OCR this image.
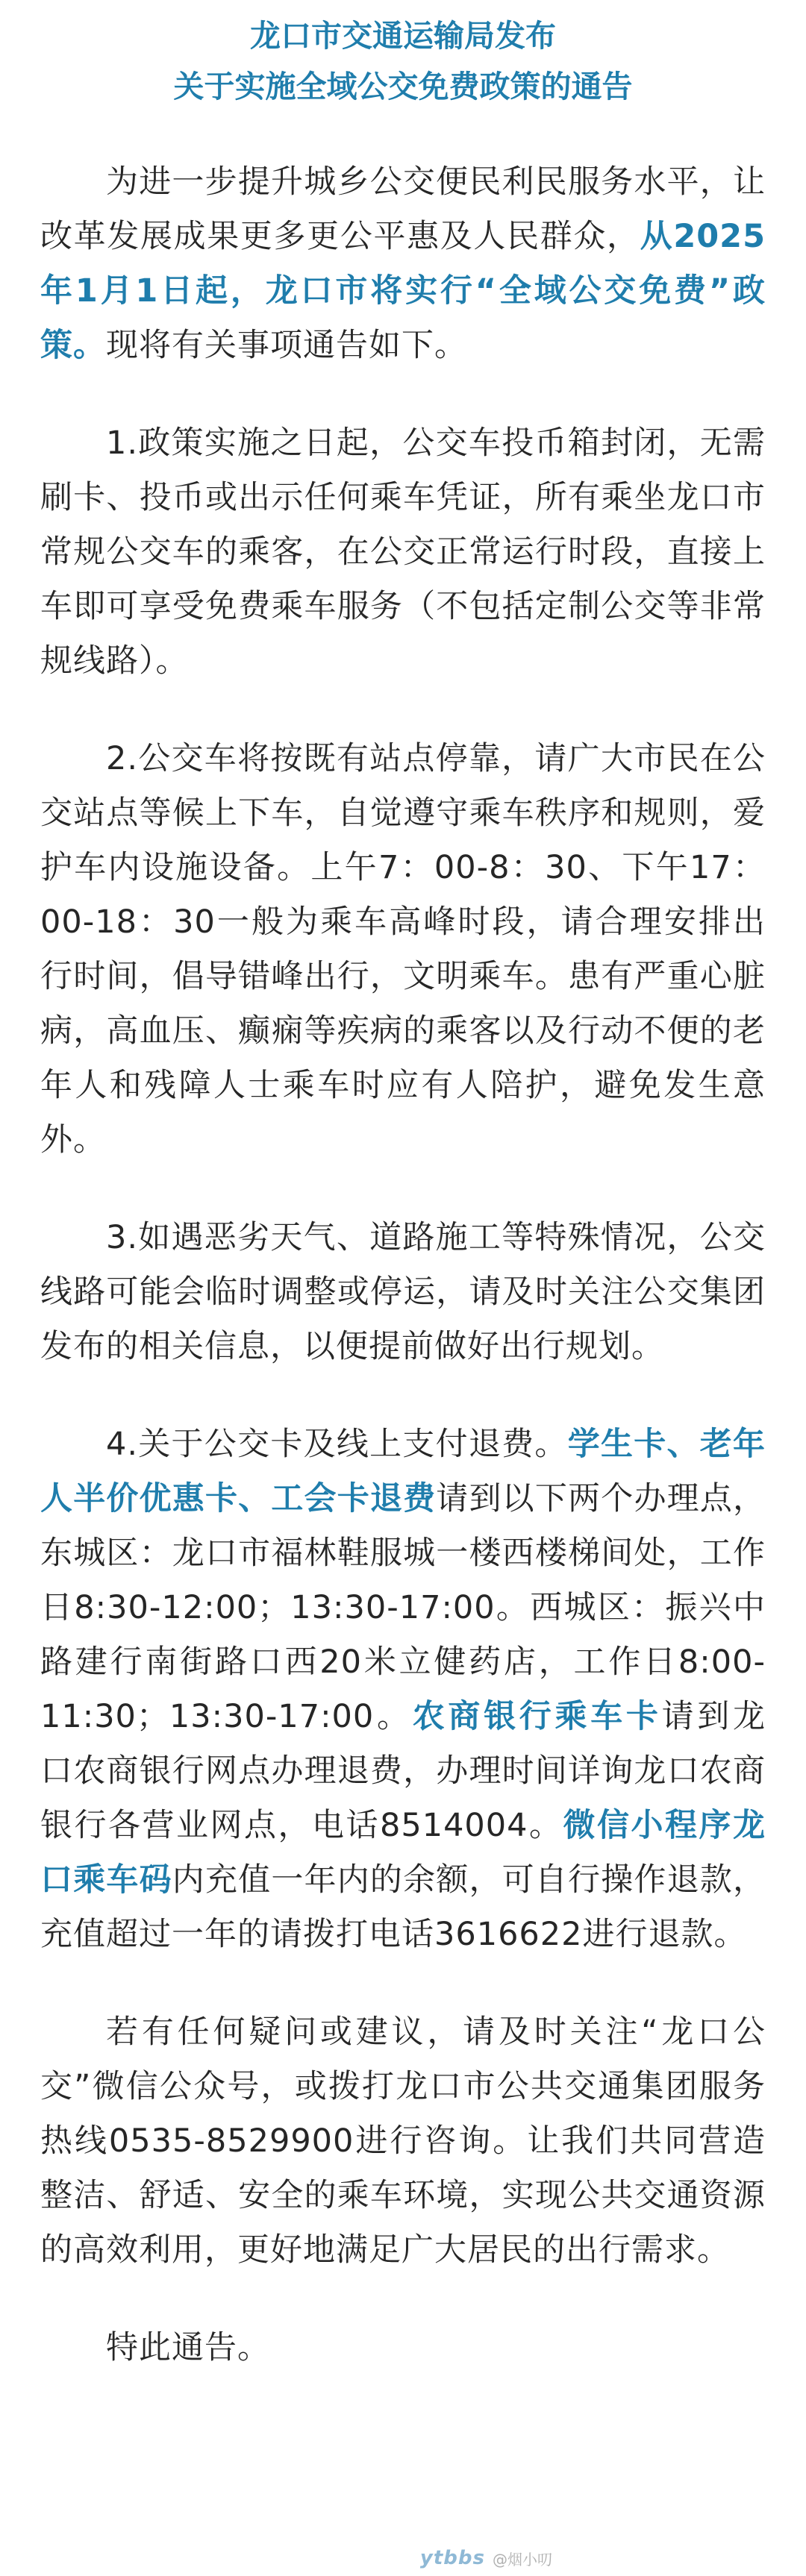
龙口市交通运输局发布
关于实施全域公交免费政策的通告

为进一步提升城乡公交便民利民服务水平，让改革发展成果更多更公平惠及人民群众，从2025年1月1日起，龙口市将实行“全域公交免费”政策。现将有关事项通告如下。

1.政策实施之日起，公交车投币箱封闭，无需刷卡、投币或出示任何乘车凭证，所有乘坐龙口市常规公交车的乘客，在公交正常运行时段，直接上车即可享受免费乘车服务（不包括定制公交等非常规线路）。

2.公交车将按既有站点停靠，请广大市民在公交站点等候上下车，自觉遵守乘车秩序和规则，爱护车内设施设备。上午7：00-8：30、下午17：00-18：30一般为乘车高峰时段，请合理安排出行时间，倡导错峰出行，文明乘车。患有严重心脏病，高血压、癫痫等疾病的乘客以及行动不便的老年人和残障人士乘车时应有人陪护，避免发生意外。

3.如遇恶劣天气、道路施工等特殊情况，公交线路可能会临时调整或停运，请及时关注公交集团发布的相关信息，以便提前做好出行规划。

4.关于公交卡及线上支付退费。学生卡、老年人半价优惠卡、工会卡退费请到以下两个办理点，东城区：龙口市福林鞋服城一楼西楼梯间处，工作日8:30-12:00；13:30-17:00。西城区：振兴中路建行南街路口西20米立健药店，工作日8:00-11:30；13:30-17:00。农商银行乘车卡请到龙口农商银行网点办理退费，办理时间详询龙口农商银行各营业网点，电话8514004。微信小程序龙口乘车码内充值一年内的余额，可自行操作退款，充值超过一年的请拨打电话3616622进行退款。

若有任何疑问或建议，请及时关注“龙口公交”微信公众号，或拨打龙口市公共交通集团服务热线0535-8529900进行咨询。让我们共同营造整洁、舒适、安全的乘车环境，实现公共交通资源的高效利用，更好地满足广大居民的出行需求。

特此通告。

ytbbs @烟小叨
